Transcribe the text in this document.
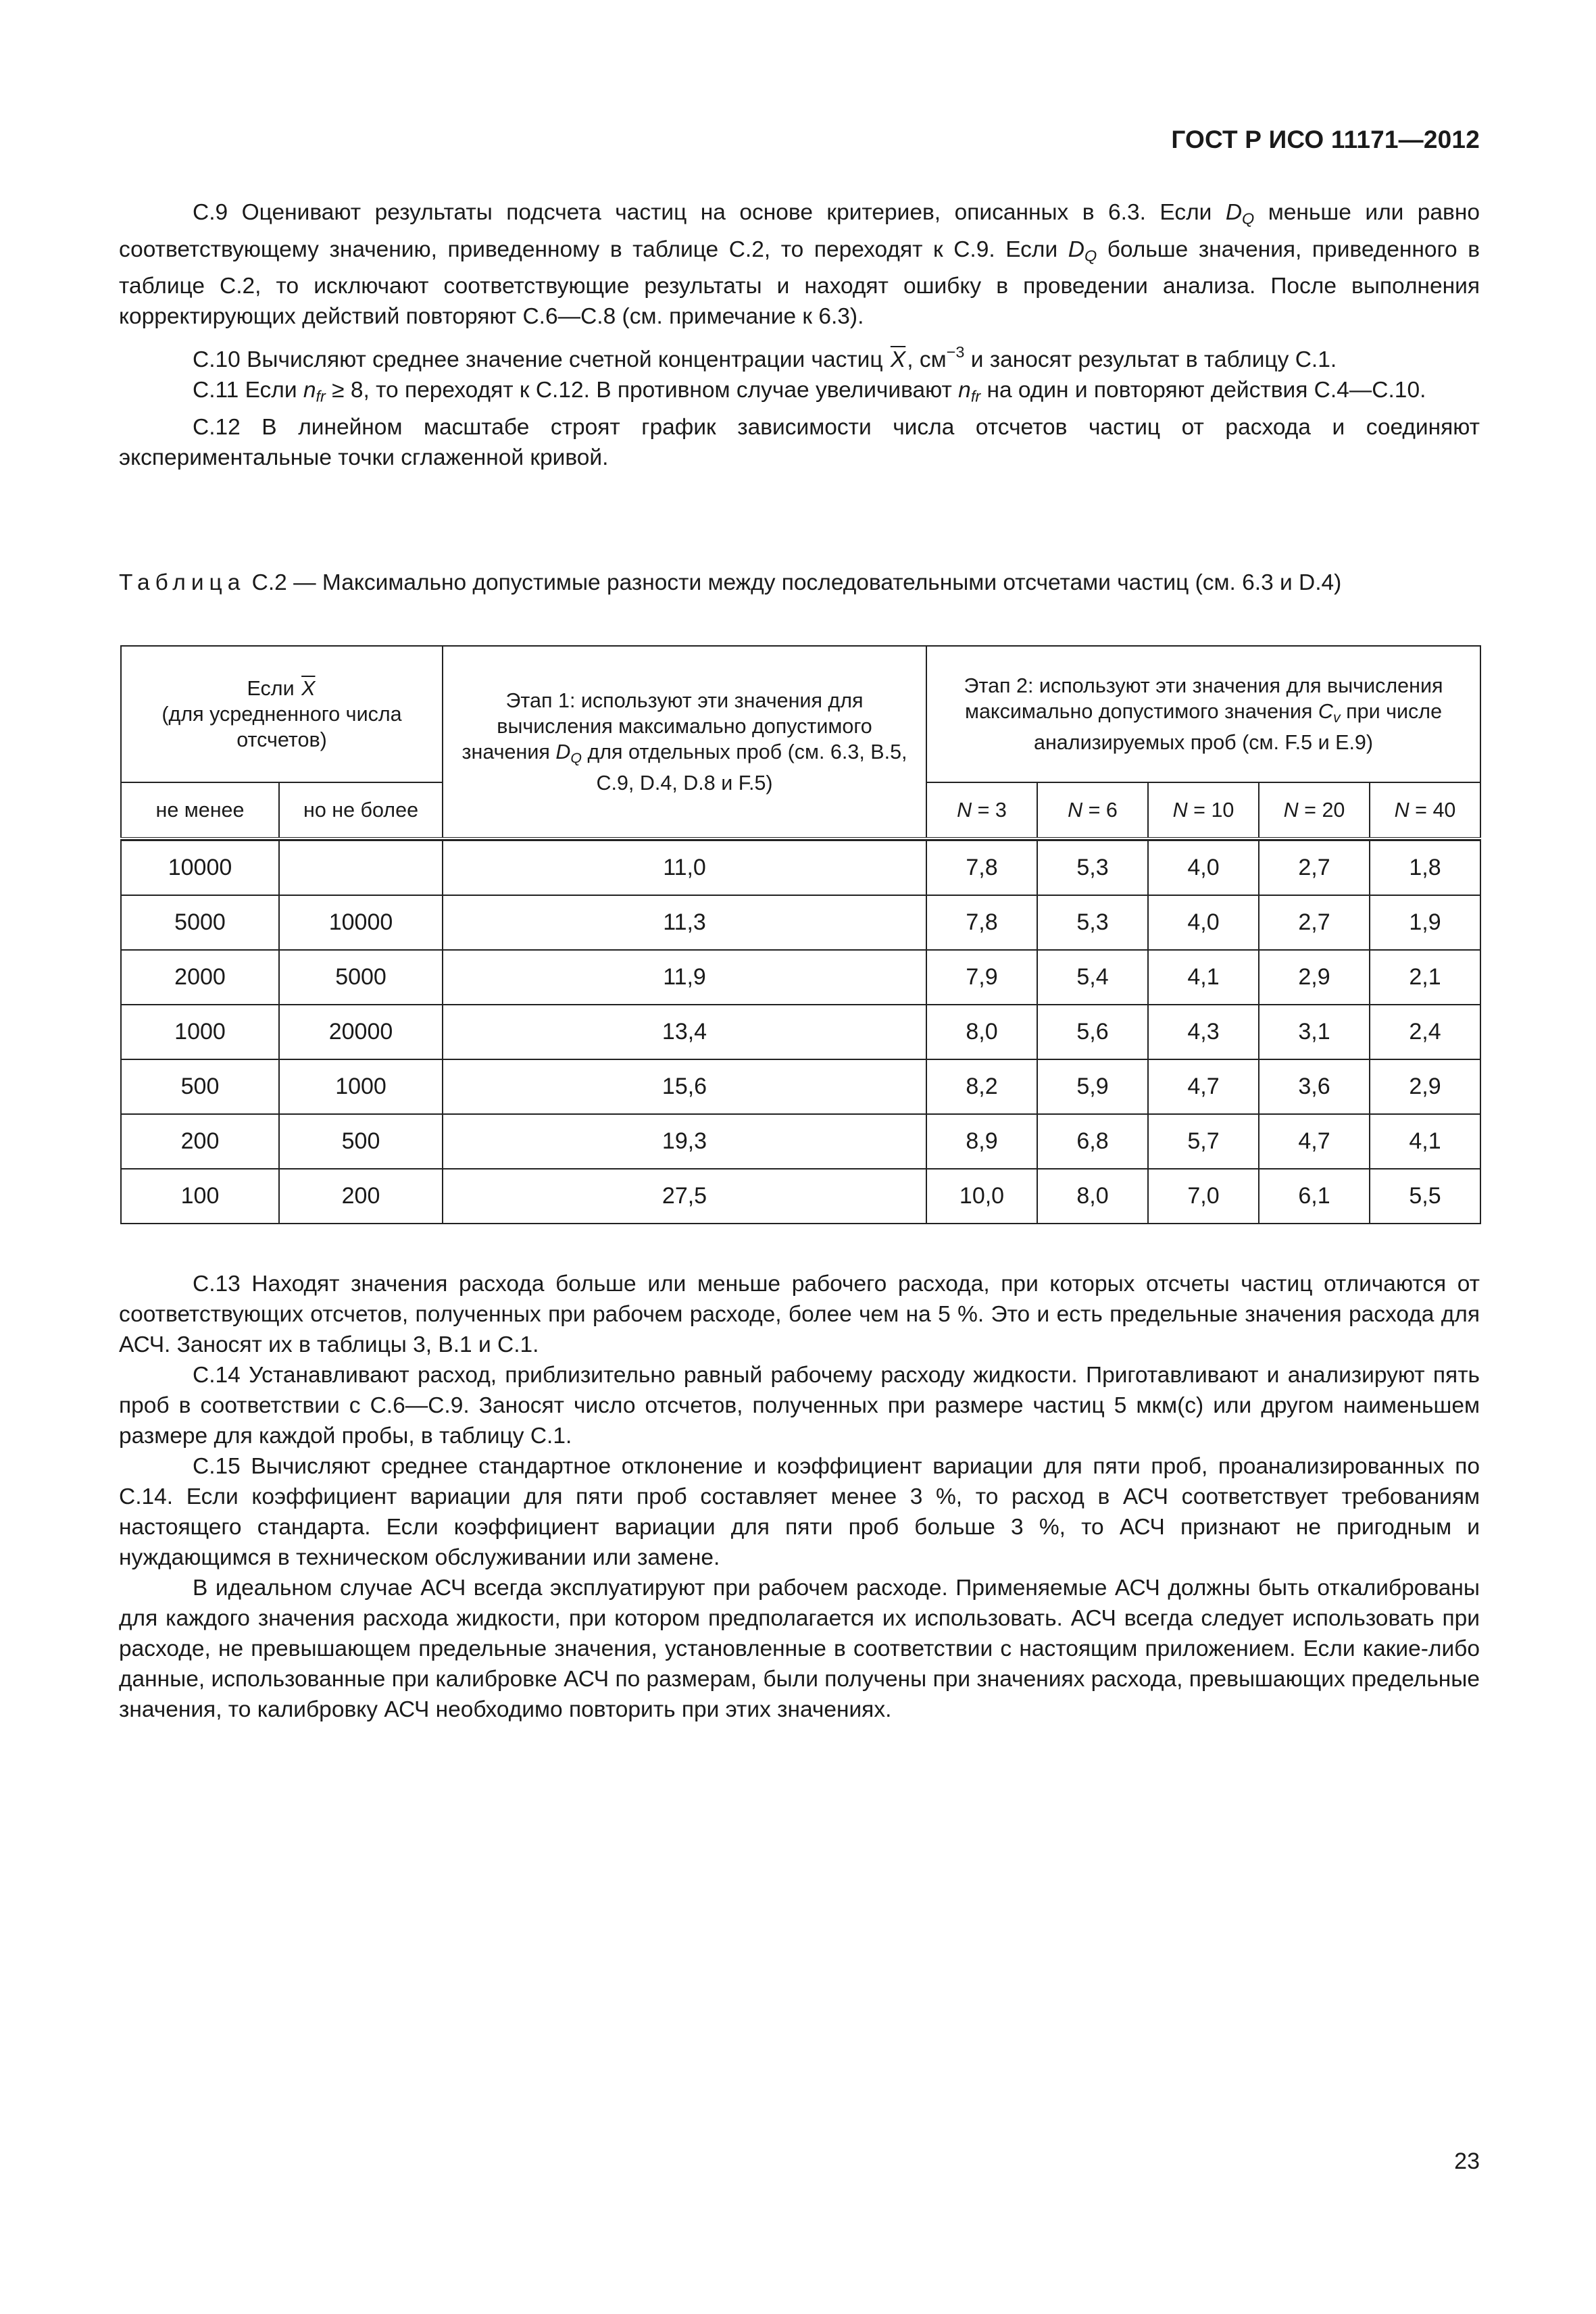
ГОСТ Р ИСО 11171—2012

С.9 Оценивают результаты подсчета частиц на основе критериев, описанных в 6.3. Если $D_Q$ меньше или равно соответствующему значению, приведенному в таблице С.2, то переходят к С.9. Если $D_Q$ больше значения, приведенного в таблице С.2, то исключают соответствующие результаты и находят ошибку в проведении анализа. После выполнения корректирующих действий повторяют С.6—С.8 (см. примечание к 6.3).

С.10 Вычисляют среднее значение счетной концентрации частиц $\overline{X}$, $см^{-3}$ и заносят результат в таблицу С.1.

С.11 Если $n_{fr} \ge 8$, то переходят к С.12. В противном случае увеличивают $n_{fr}$ на один и повторяют действия С.4—С.10.

С.12 В линейном масштабе строят график зависимости числа отсчетов частиц от расхода и соединяют экспериментальные точки сглаженной кривой.

Таблица С.2 — Максимально допустимые разности между последовательными отсчетами частиц (см. 6.3 и D.4)
Если $\overline{X}$
(для усредненного числа отсчетов)		Этап 1: используют эти значения для вычисления максимально допустимого значения $D_Q$ для отдельных проб (см. 6.3, В.5, С.9, D.4, D.8 и F.5)	Этап 2: используют эти значения для вычисления максимально допустимого значения $C_v$ при числе анализируемых проб (см. F.5 и Е.9)				
не менее	но не более		N = 3	N = 6	N = 10	N = 20	N = 40

10000		11,0	7,8	5,3	4,0	2,7	1,8
5000	10000	11,3	7,8	5,3	4,0	2,7	1,9
2000	5000	11,9	7,9	5,4	4,1	2,9	2,1
1000	20000	13,4	8,0	5,6	4,3	3,1	2,4
500	1000	15,6	8,2	5,9	4,7	3,6	2,9
200	500	19,3	8,9	6,8	5,7	4,7	4,1
100	200	27,5	10,0	8,0	7,0	6,1	5,5

С.13 Находят значения расхода больше или меньше рабочего расхода, при которых отсчеты частиц отличаются от соответствующих отсчетов, полученных при рабочем расходе, более чем на 5 %. Это и есть предельные значения расхода для АСЧ. Заносят их в таблицы 3, В.1 и С.1.

С.14 Устанавливают расход, приблизительно равный рабочему расходу жидкости. Приготавливают и анализируют пять проб в соответствии с С.6—С.9. Заносят число отсчетов, полученных при размере частиц 5 мкм(с) или другом наименьшем размере для каждой пробы, в таблицу С.1.

С.15 Вычисляют среднее стандартное отклонение и коэффициент вариации для пяти проб, проанализированных по С.14. Если коэффициент вариации для пяти проб составляет менее 3 %, то расход в АСЧ соответствует требованиям настоящего стандарта. Если коэффициент вариации для пяти проб больше 3 %, то АСЧ признают не пригодным и нуждающимся в техническом обслуживании или замене.

В идеальном случае АСЧ всегда эксплуатируют при рабочем расходе. Применяемые АСЧ должны быть откалиброваны для каждого значения расхода жидкости, при котором предполагается их использовать. АСЧ всегда следует использовать при расходе, не превышающем предельные значения, установленные в соответствии с настоящим приложением. Если какие-либо данные, использованные при калибровке АСЧ по размерам, были получены при значениях расхода, превышающих предельные значения, то калибровку АСЧ необходимо повторить при этих значениях.

23
